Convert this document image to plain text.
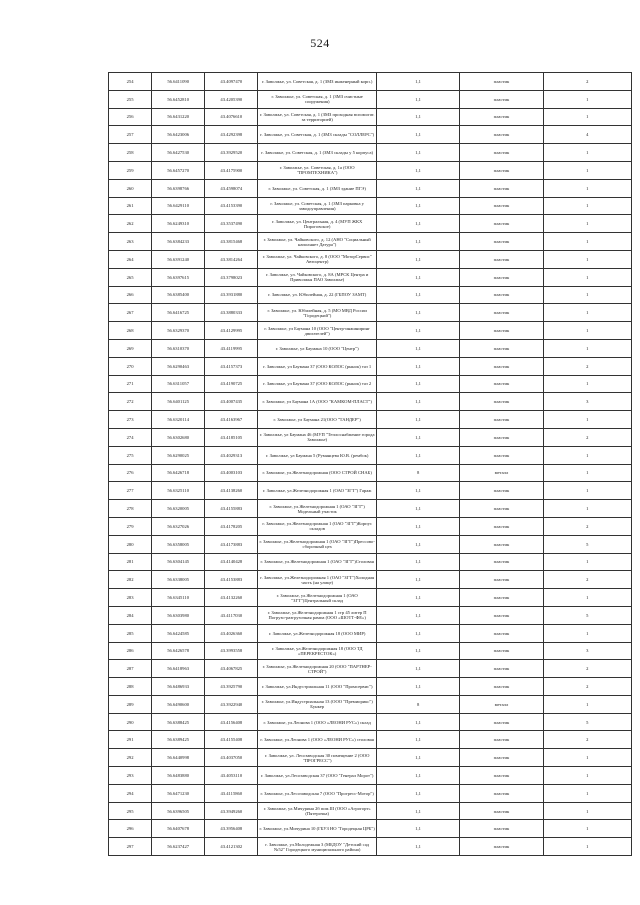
524
254	56.6411090	43.4097470	г. Заволжье, ул. Советская, д. 1 (ЗМЗ инженерный корп.)	1,1	пластик	2
255	56.6452810	43.4205390	г. Заволжье, ул. Советская, д. 1 (ЗМЗ очистные сооружения)	1,1	пластик	1
256	56.6431220	43.4076610	г. Заволжье, ул. Советская, д. 1 (ЗМЗ проходная вспомогат. за территорией)	1,1	пластик	1
257	56.6423006	43.4292398	г. Заволжье, ул. Советская, д. 1 (ЗМЗ склады "СОЛЛЕРС")	1,1	пластик	4
258	56.6427530	43.3929520	г. Заволжье, ул. Советская, д. 1 (ЗМЗ склады у 5 корпуса)	1,1	пластик	1
259	56.6457270	43.4175900	г. Заволжье, ул. Советская, д. 1а (ООО "ПРОМТЕХНИКА")	1,1	пластик	1
260	56.6398766	43.4598074	г. Заволжье, ул. Советская, д. 1 (ЗМЗ здание ПГЭ)	1,1	пластик	1
261	56.6429110	43.4153390	г. Заволжье, ул. Советская, д. 1 (ЗМЗ парковка у заводоуправления)	1,1	пластик	1
262	56.6249310	43.3537490	г. Заволжье, ул. Центральная, д. 4 (МУП ЖКХ Пироговское)	1,1	пластик	1
263	56.6384233	43.3815468	г. Заволжье, ул. Чайковского, д. 12 (АНО "Социальный наполняет Датура")	1,1	пластик	1
264	56.6391240	43.3814264	г. Заволжье, ул. Чайковского, д. 8 (ООО "МоторСервис" Автоцентр)	1,1	пластик	1
265	56.6397615	43.3798023	г. Заволжье, ул. Чайковского, д. 8А (МРСК Центра и Приволжья ПАО Заволжье)	1,1	пластик	1
266	56.6385400	43.3931880	г. Заволжье, ул. Юбилейная, д. 22 (ГБПОУ ЗАМТ)	1,1	пластик	1
267	56.6416725	43.3880333	г. Заволжье, ул. Юбилейная, д. 5 (МО МВД России "Городецкий")	1,1	пластик	1
268	56.6329370	43.4129995	г. Заволжье, ул Баумана 10 (ООО "Центр-инжиниринг двигателей")	1,1	пластик	1
269	56.6310370	43.4119995	г. Заволжье, ул Баумана 10 (ООО "Центр")	1,1	пластик	1
270	56.6290463	43.4157373	г. Заволжье, ул Баумана 37 (ООО КОЛОС (рынок) таз 1	1,1	пластик	2
271	56.6311057	43.4190725	г. Заволжье, ул Баумана 37 (ООО КОЛОС (рынок) таз 2	1,1	пластик	1
272	56.6401125	43.4007435	г. Заволжье, ул Баумана 1А (ООО "КАМКОМ-ПЛАСТ")	1,1	пластик	3
273	56.6320114	43.4163967	г. Заволжье, ул Баумана 21(ООО "ТАНДЕР")	1,1	пластик	1
274	56.6302680	43.4185105	г. Заволжье, ул Баумана 46 (МУП "Теплоснабжение города Заволжье)	1,1	пластик	2
275	56.6290025	43.4029313	г. Заволжье, ул Баумана 5 (Румянцева Ю.В. (рембок)	1,1	пластик	1
276	56.6426718	43.4003103	г. Заволжье, ул.Железнодорожная (ООО СТРОЙ СНАБ)	8	металл	1
277	56.6325110	43.4138260	г. Заволжье, ул.Железнодорожная 1 (ОАО "ЗГТ") Гараж	1,1	пластик	1
278	56.6320005	43.4155883	г. Заволжье, ул.Железнодорожная 1 (ОАО "ЗГТ") Модельный участок	1,1	пластик	1
279	56.6327026	43.4178205	г. Заволжье, ул.Железнодорожная 1 (ОАО "ЗГТ")Корпус складов	1,1	пластик	2
280	56.6358005	43.4173883	г. Заволжье, ул.Железнодорожная 1 (ОАО "ЗГТ")Прессово-сборочный цех	1,1	пластик	5
281	56.6304145	43.4140428	г. Заволжье, ул.Железнодорожная 1 (ОАО "ЗГТ")Столовая	1,1	пластик	1
282	56.6338005	43.4153883	г. Заволжье, ул.Железнодорожная 1 (ОАО "ЗГТ")Холодная часть (на улице)	1,1	пластик	2
283	56.6345110	43.4132260	г. Заволжье, ул.Железнодорожная 1 (ОАО "ЗГТ")Центральный склад	1,1	пластик	1
284	56.6303980	43.4117030	г. Заволжье, ул.Железнодорожная 1 стр 45 литер П Погрузо-разгрузочная рампа (ООО «ШОТТ-ФЕ»)	1,1	пластик	5
285	56.6424585	43.4026360	г. Заволжье, ул.Железнодорожная 18 (ООО МИР)	1,1	пластик	1
286	56.6426578	43.3993558	г. Заволжье, ул.Железнодорожная 18 (ООО ТД «ПЕРЕКРЕСТОК»)	1,1	пластик	3
287	56.6418963	43.4067825	г. Заволжье, ул.Железнодорожная 20 (ООО "ПАРТНЕР-СТРОЙ")	1,1	пластик	2
288	56.6486933	43.3925790	г. Заволжье, ул.Индустриальная 11 (ООО "Промсервис")	1,1	пластик	2
289	56.6490600	43.3922940	г. Заволжье, ул.Индустриальная 13 (ООО "Премиорикс") Бункер	8	металл	1
290	56.6388425	43.4156408	г. Заволжье, ул.Леонова 1 (ООО «ЛЕОНИ РУС») склад	1,1	пластик	5
291	56.6389425	43.4155408	г. Заволжье, ул.Леонова 1 (ООО «ЛЕОНИ РУС») столовая	1,1	пластик	2
292	56.6440998	43.4037050	г. Заволжье, ул. Лесозаводская 30 помещение 2 (ООО "ПРОГРЕСС")	1,1	пластик	1
293	56.6483880	43.4053110	г. Заволжье, ул.Лесозаводская 37 (ООО "Генерал Морот")	1,1	пластик	1
294	56.6471230	43.4115860	г. Заволжье, ул.Лесозаводская 7 (ООО "Прогресс-Мотор")	1,1	пластик	1
295	56.6396505	43.3949260	г. Заволжье, ул.Мичурина 2б пом.III (ООО «Агрогорт» (Пятерочка)	1,1	пластик	1
296	56.6407678	43.3956408	г. Заволжье, ул.Мичурина 10 (ГБУЗ НО "Городецкая ЦРБ")	1,1	пластик	1
297	56.6237427	43.4121302	г. Заволжье, ул.Молодежная 3 (МБДОУ "Детский сад №52" Городецкого муниципального района)	1,1	пластик	1
